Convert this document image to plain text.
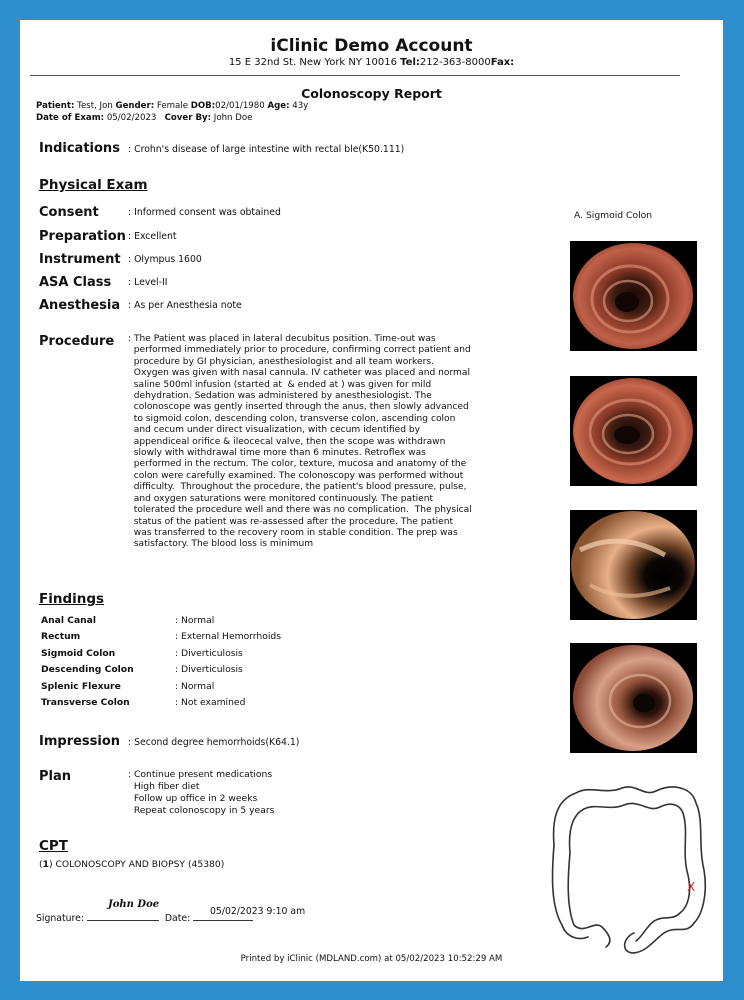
iClinic Demo Account
15 E 32nd St. New York NY 10016 Tel:212-363-8000Fax:
Colonoscopy Report
Patient: Test, Jon Gender: Female DOB:02/01/1980 Age: 43y
Date of Exam: 05/02/2023 Cover By: John Doe
Indications : Crohn's disease of large intestine with rectal ble(K50.111)
Physical Exam
Consent	: Informed consent was obtained
Preparation : Excellent
Instrument : Olympus 1600
ASA Class : Level-II
Anesthesia : As per Anesthesia note
Procedure : The Patient was placed in lateral decubitus position. Time-out was
performed immediately prior to procedure, confirming correct patient and
procedure by GI physician, anesthesiologist and all team workers.
Oxygen was given with nasal cannula. IV catheter was placed and normal
saline 500ml infusion (started at  & ended at ) was given for mild
dehydration. Sedation was administered by anesthesiologist. The
colonoscope was gently inserted through the anus, then slowly advanced
to sigmoid colon, descending colon, transverse colon, ascending colon
and cecum under direct visualization, with cecum identified by
appendiceal orifice & ileocecal valve, then the scope was withdrawn
slowly with withdrawal time more than 6 minutes. Retroflex was
performed in the rectum. The color, texture, mucosa and anatomy of the
colon were carefully examined. The colonoscopy was performed without
difficulty.  Throughout the procedure, the patient's blood pressure, pulse,
and oxygen saturations were monitored continuously. The patient
tolerated the procedure well and there was no complication.  The physical
status of the patient was re-assessed after the procedure. The patient
was transferred to the recovery room in stable condition. The prep was
satisfactory. The blood loss is minimum
Findings
Anal Canal	: Normal
Rectum	: External Hemorrhoids
Sigmoid Colon	: Diverticulosis
Descending Colon	: Diverticulosis
Splenic Flexure	: Normal
Transverse Colon	: Not examined
Impression : Second degree hemorrhoids(K64.1)
Plan	: Continue present medications
High fiber diet
Follow up office in 2 weeks
Repeat colonoscopy in 5 years
CPT
(1) COLONOSCOPY AND BIOPSY (45380)
John Doe
Signature:	Date:
05/02/2023 9:10 am
A. Sigmoid Colon
X
Printed by iClinic (MDLAND.com) at 05/02/2023 10:52:29 AM
